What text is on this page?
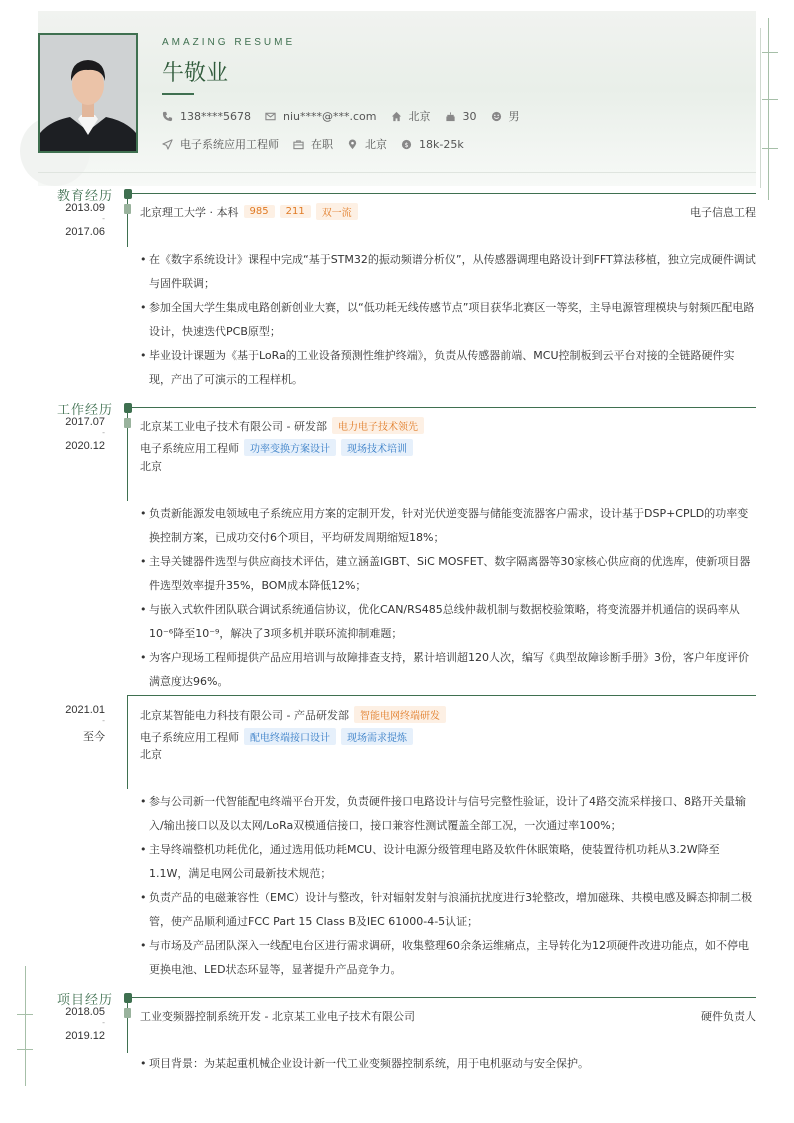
AMAZING RESUME
牛敬业
138****5678	niu****@***.com	北京	30	男
电子系统应用工程师	在职	北京 $ 18k-25k
教育经历
2013.09
-
2017.06
北京理工大学 · 本科	985	211	双一流	电子信息工程
• 在《数字系统设计》课程中完成“基于STM32的振动频谱分析仪”，从传感器调理电路设计到FFT算法移植，独立完成硬件调试与固件联调；
• 参加全国大学生集成电路创新创业大赛，以“低功耗无线传感节点”项目获华北赛区一等奖，主导电源管理模块与射频匹配电路设计，快速迭代PCB原型；
• 毕业设计课题为《基于LoRa的工业设备预测性维护终端》，负责从传感器前端、MCU控制板到云平台对接的全链路硬件实现，产出了可演示的工程样机。
工作经历
2017.07
-
2020.12
北京某工业电子技术有限公司 - 研发部	电力电子技术领先
电子系统应用工程师	功率变换方案设计	现场技术培训
北京
• 负责新能源发电领域电子系统应用方案的定制开发，针对光伏逆变器与储能变流器客户需求，设计基于DSP+CPLD的功率变换控制方案，已成功交付6个项目，平均研发周期缩短18%；
• 主导关键器件选型与供应商技术评估，建立涵盖IGBT、SiC MOSFET、数字隔离器等30家核心供应商的优选库，使新项目器件选型效率提升35%，BOM成本降低12%；
• 与嵌入式软件团队联合调试系统通信协议，优化CAN/RS485总线仲裁机制与数据校验策略，将变流器并机通信的误码率从10⁻⁶降至10⁻⁹，解决了3项多机并联环流抑制难题；
• 为客户现场工程师提供产品应用培训与故障排查支持，累计培训超120人次，编写《典型故障诊断手册》3份，客户年度评价满意度达96%。
2021.01
-
至今
北京某智能电力科技有限公司 - 产品研发部	智能电网终端研发
电子系统应用工程师	配电终端接口设计	现场需求提炼
北京
• 参与公司新一代智能配电终端平台开发，负责硬件接口电路设计与信号完整性验证，设计了4路交流采样接口、8路开关量输入/输出接口以及以太网/LoRa双模通信接口，接口兼容性测试覆盖全部工况，一次通过率100%；
• 主导终端整机功耗优化，通过选用低功耗MCU、设计电源分级管理电路及软件休眠策略，使装置待机功耗从3.2W降至1.1W，满足电网公司最新技术规范；
• 负责产品的电磁兼容性（EMC）设计与整改，针对辐射发射与浪涌抗扰度进行3轮整改，增加磁珠、共模电感及瞬态抑制二极管，使产品顺利通过FCC Part 15 Class B及IEC 61000-4-5认证；
• 与市场及产品团队深入一线配电台区进行需求调研，收集整理60余条运维痛点，主导转化为12项硬件改进功能点，如不停电更换电池、LED状态环显等，显著提升产品竞争力。
项目经历
2018.05
-
2019.12
工业变频器控制系统开发 - 北京某工业电子技术有限公司	硬件负责人
• 项目背景：为某起重机械企业设计新一代工业变频器控制系统，用于电机驱动与安全保护。
